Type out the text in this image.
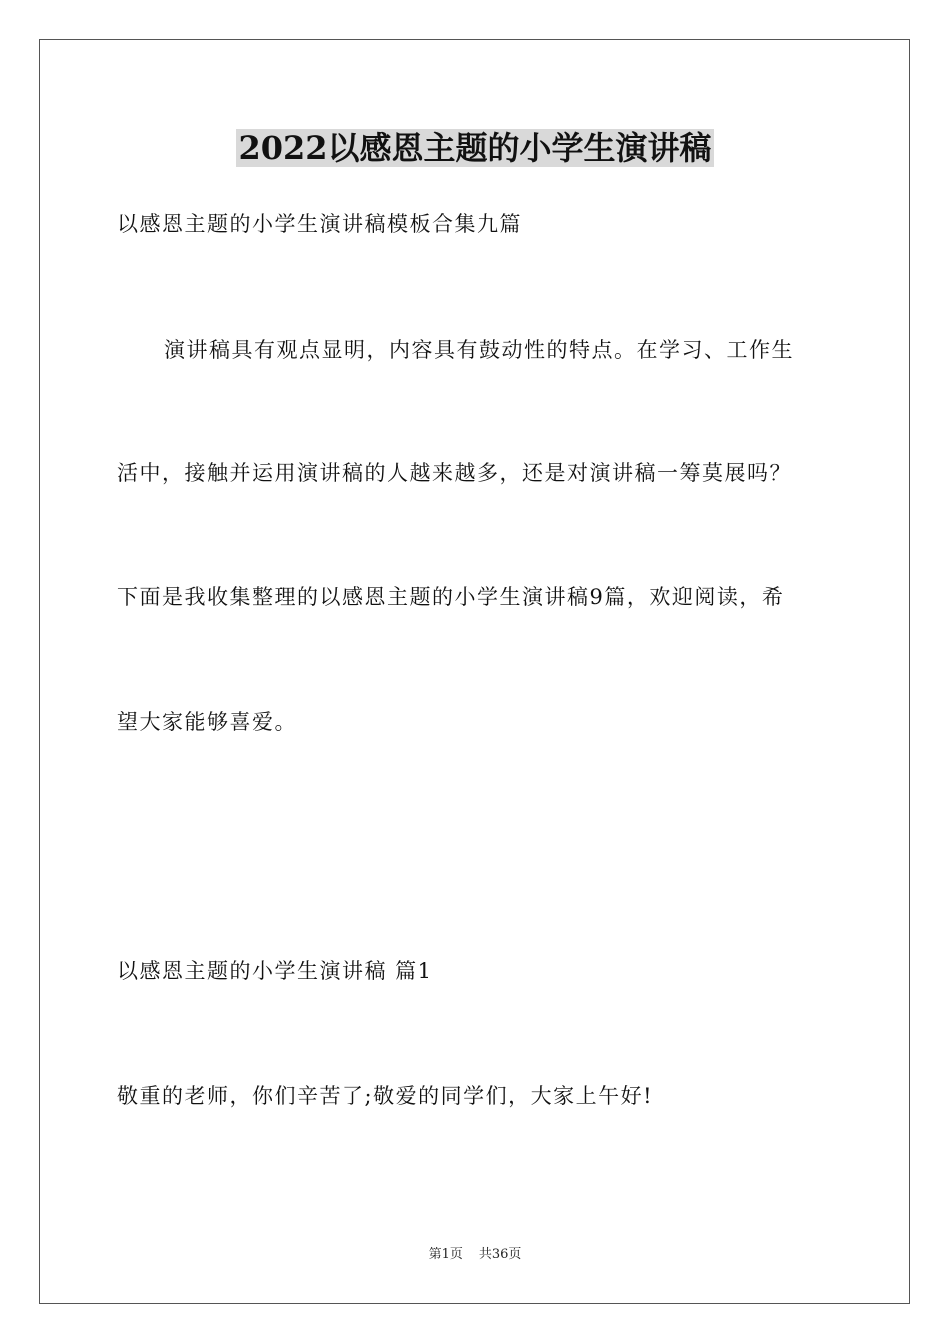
2022以感恩主题的小学生演讲稿
以感恩主题的小学生演讲稿模板合集九篇
演讲稿具有观点显明，内容具有鼓动性的特点。在学习、工作生
活中，接触并运用演讲稿的人越来越多，还是对演讲稿一筹莫展吗？
下面是我收集整理的以感恩主题的小学生演讲稿9篇，欢迎阅读，希
望大家能够喜爱。
以感恩主题的小学生演讲稿 篇1
敬重的老师，你们辛苦了;敬爱的同学们，大家上午好!
第1页 共36页
